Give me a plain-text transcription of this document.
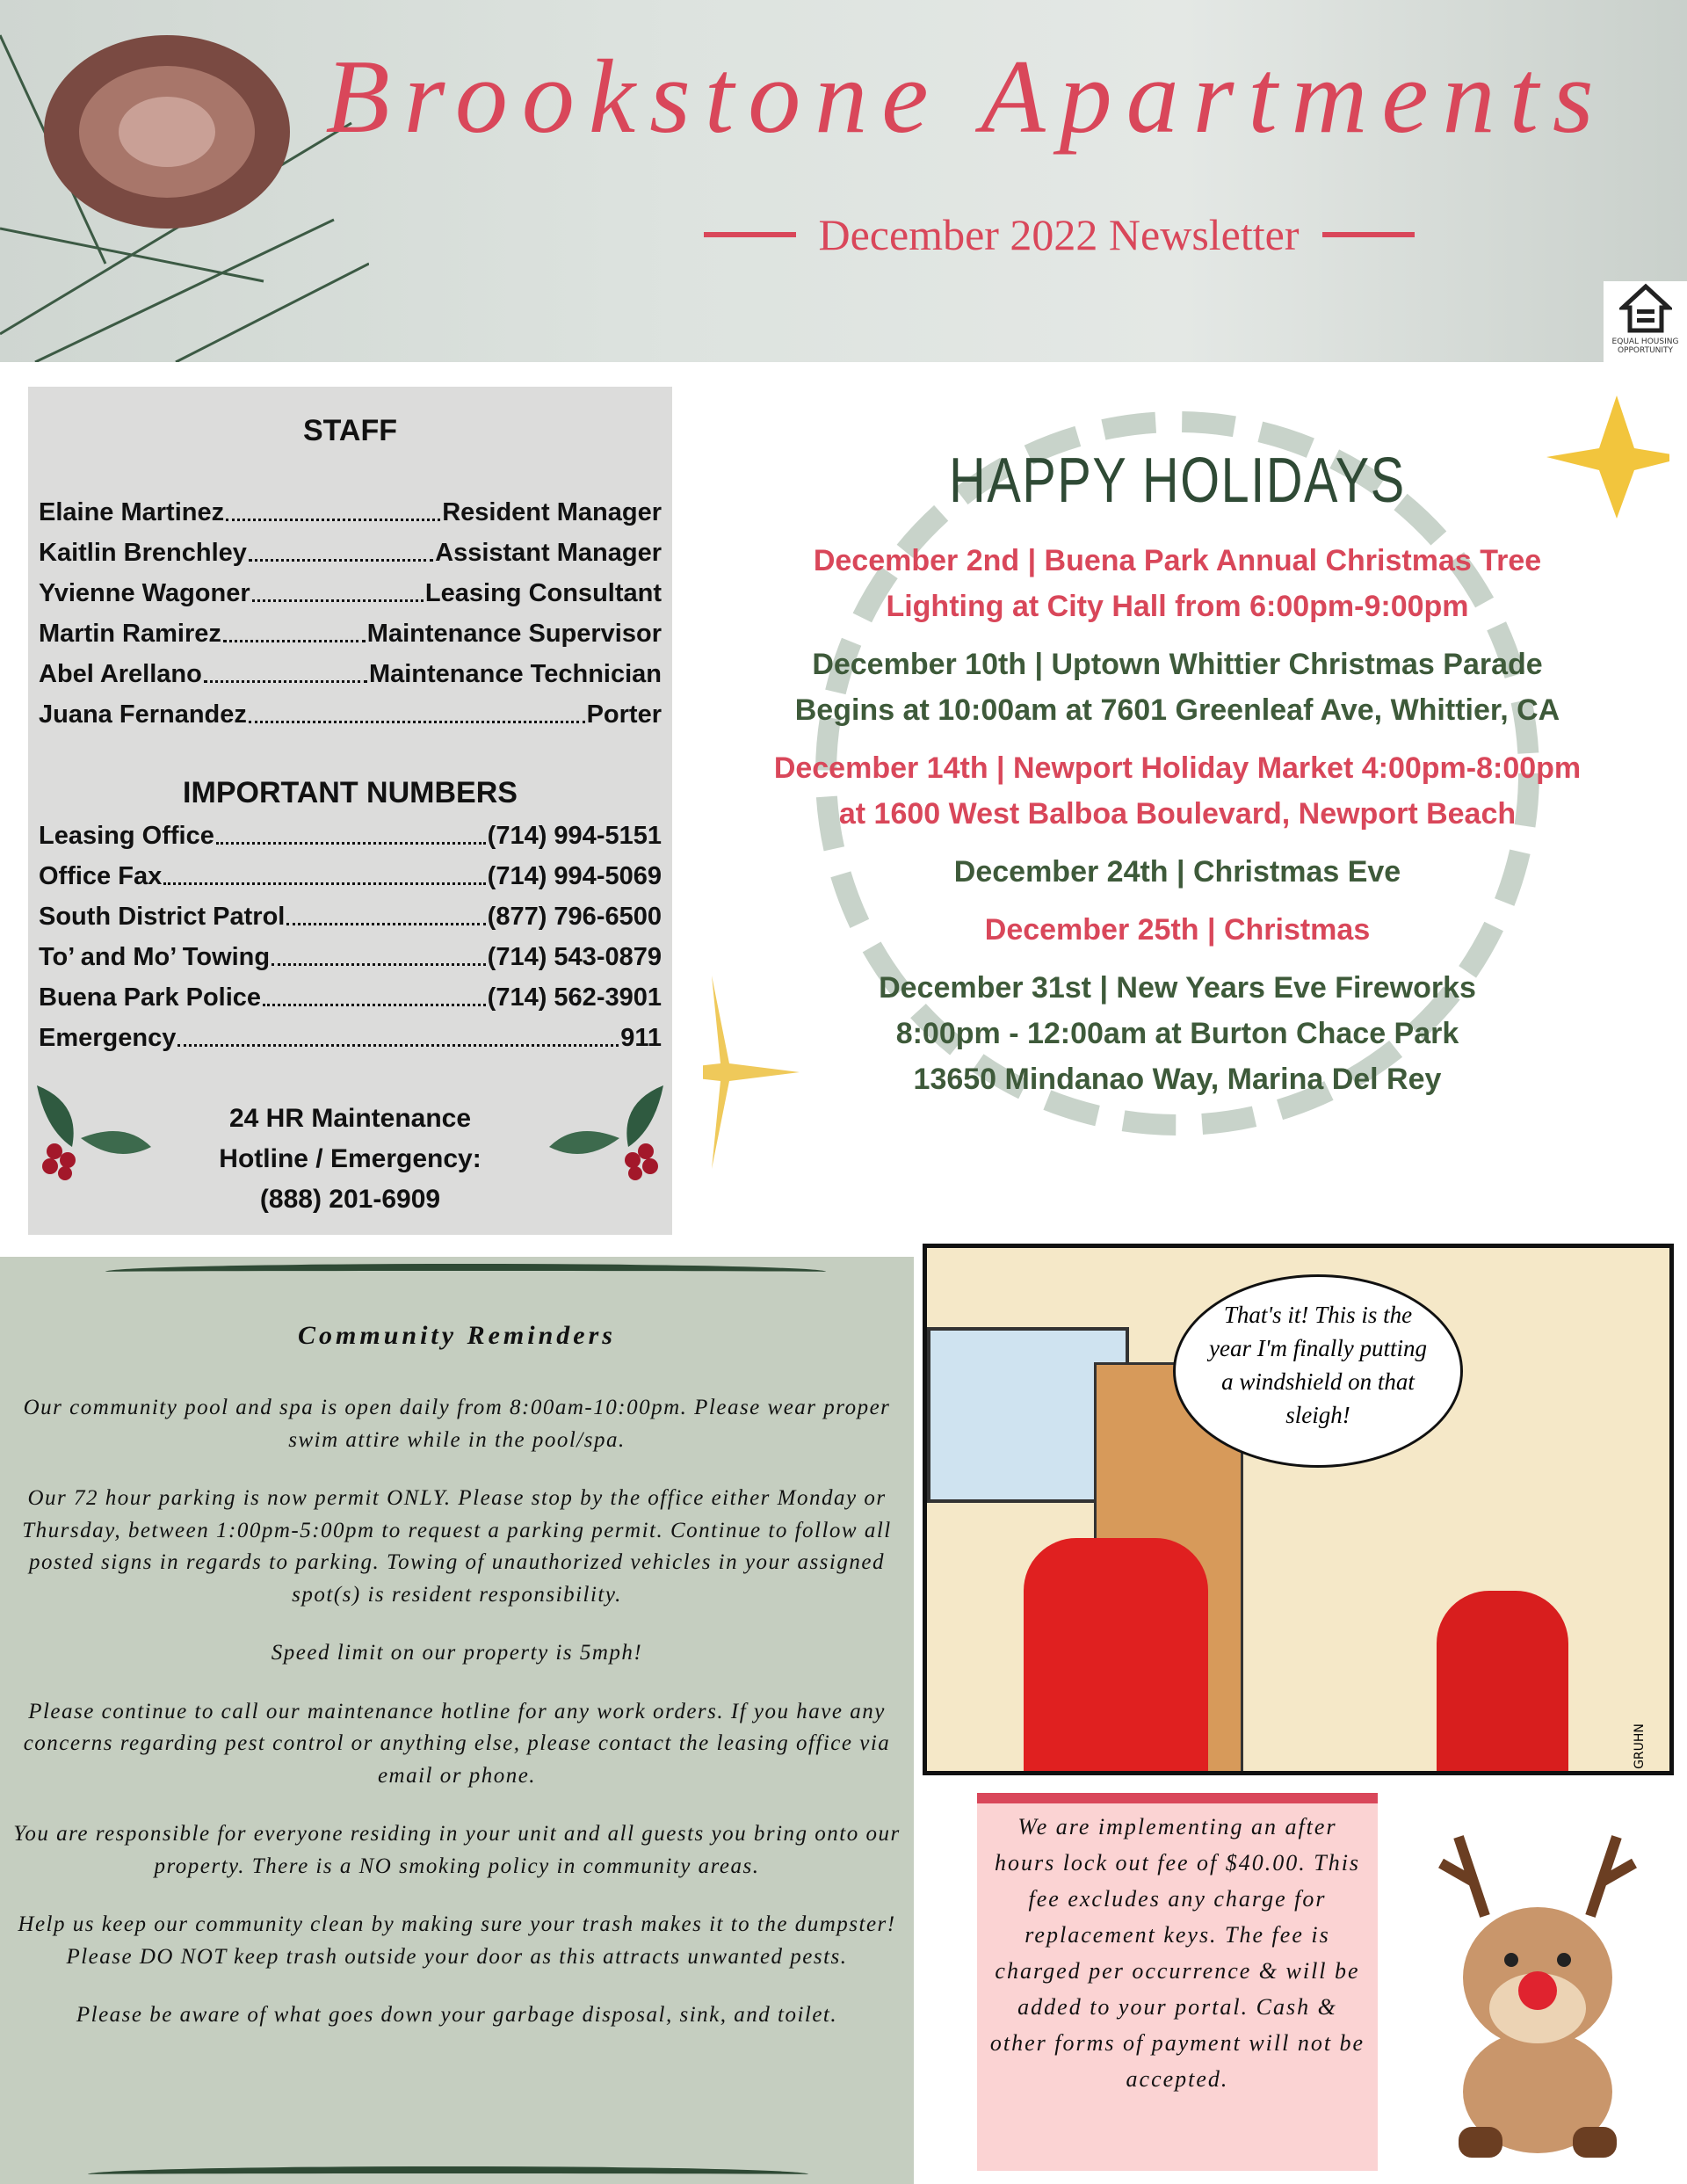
Brookstone Apartments
December 2022 Newsletter
EQUAL HOUSING OPPORTUNITY
STAFF
Elaine Martinez	Resident Manager
Kaitlin Brenchley	Assistant Manager
Yvienne Wagoner	Leasing Consultant
Martin Ramirez	Maintenance Supervisor
Abel Arellano	Maintenance Technician
Juana Fernandez	Porter
IMPORTANT NUMBERS
Leasing Office	(714) 994-5151
Office Fax	(714) 994-5069
South District Patrol	(877) 796-6500
To’ and Mo’ Towing	(714) 543-0879
Buena Park Police	(714) 562-3901
Emergency	911
24 HR Maintenance
Hotline / Emergency:
(888) 201-6909
HAPPY HOLIDAYS

December 2nd | Buena Park Annual Christmas Tree
Lighting at City Hall from 6:00pm-9:00pm

December 10th | Uptown Whittier Christmas Parade
Begins at 10:00am at 7601 Greenleaf Ave, Whittier, CA

December 14th | Newport Holiday Market 4:00pm-8:00pm
at 1600 West Balboa Boulevard, Newport Beach

December 24th | Christmas Eve

December 25th | Christmas

December 31st | New Years Eve Fireworks
8:00pm - 12:00am at Burton Chace Park
13650 Mindanao Way, Marina Del Rey

Community Reminders

Our community pool and spa is open daily from 8:00am-10:00pm. Please wear proper swim attire while in the pool/spa.

Our 72 hour parking is now permit ONLY. Please stop by the office either Monday or Thursday, between 1:00pm-5:00pm to request a parking permit. Continue to follow all posted signs in regards to parking. Towing of unauthorized vehicles in your assigned spot(s) is resident responsibility.

Speed limit on our property is 5mph!

Please continue to call our maintenance hotline for any work orders. If you have any concerns regarding pest control or anything else, please contact the leasing office via email or phone.

You are responsible for everyone residing in your unit and all guests you bring onto our property. There is a NO smoking policy in community areas.

Help us keep our community clean by making sure your trash makes it to the dumpster! Please DO NOT keep trash outside your door as this attracts unwanted pests.

Please be aware of what goes down your garbage disposal, sink, and toilet.

That's it! This is the year I'm finally putting a windshield on that sleigh!
GRUHN
We are implementing an after hours lock out fee of $40.00. This fee excludes any charge for replacement keys. The fee is charged per occurrence & will be added to your portal. Cash & other forms of payment will not be accepted.
